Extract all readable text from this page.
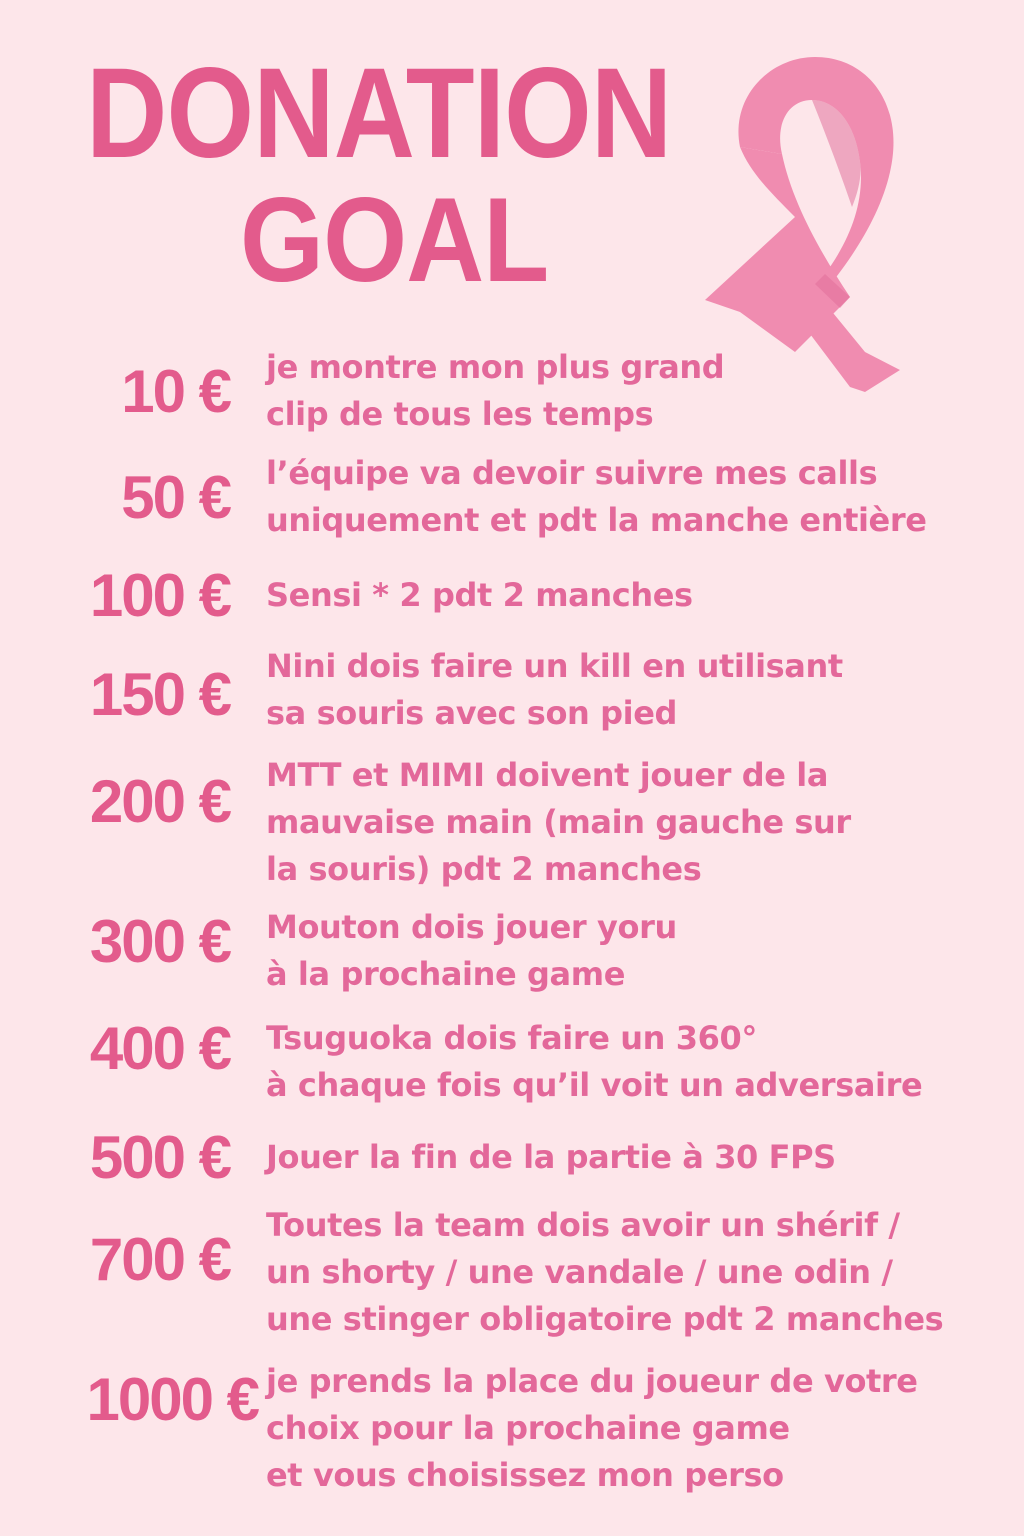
DONATION
GOAL
10 € je montre mon plus grand
clip de tous les temps

50 € l’équipe va devoir suivre mes calls
uniquement et pdt la manche entière

100 € Sensi * 2 pdt 2 manches

150 € Nini dois faire un kill en utilisant
sa souris avec son pied

200 € MTT et MIMI doivent jouer de la
mauvaise main (main gauche sur
la souris) pdt 2 manches

300 € Mouton dois jouer yoru
à la prochaine game

400 € Tsuguoka dois faire un 360°
à chaque fois qu’il voit un adversaire

500 € Jouer la fin de la partie à 30 FPS

700 €

Toutes la team dois avoir un shérif /
un shorty / une vandale / une odin /
une stinger obligatoire pdt 2 manches

1000 € je prends la place du joueur de votre
choix pour la prochaine game
et vous choisissez mon perso
